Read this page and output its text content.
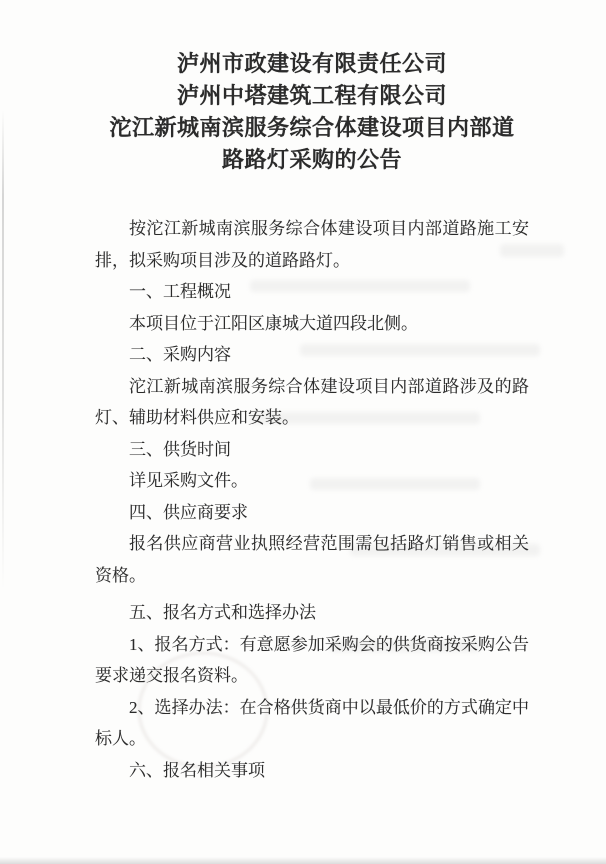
泸州市政建设有限责任公司
泸州中塔建筑工程有限公司
沱江新城南滨服务综合体建设项目内部道
路路灯采购的公告
按沱江新城南滨服务综合体建设项目内部道路施工安排，拟采购项目涉及的道路路灯。
一、工程概况
本项目位于江阳区康城大道四段北侧。
二、采购内容
沱江新城南滨服务综合体建设项目内部道路涉及的路灯、辅助材料供应和安装。
三、供货时间
详见采购文件。
四、供应商要求
报名供应商营业执照经营范围需包括路灯销售或相关资格。
五、报名方式和选择办法
1、报名方式：有意愿参加采购会的供货商按采购公告要求递交报名资料。
2、选择办法：在合格供货商中以最低价的方式确定中标人。
六、报名相关事项
